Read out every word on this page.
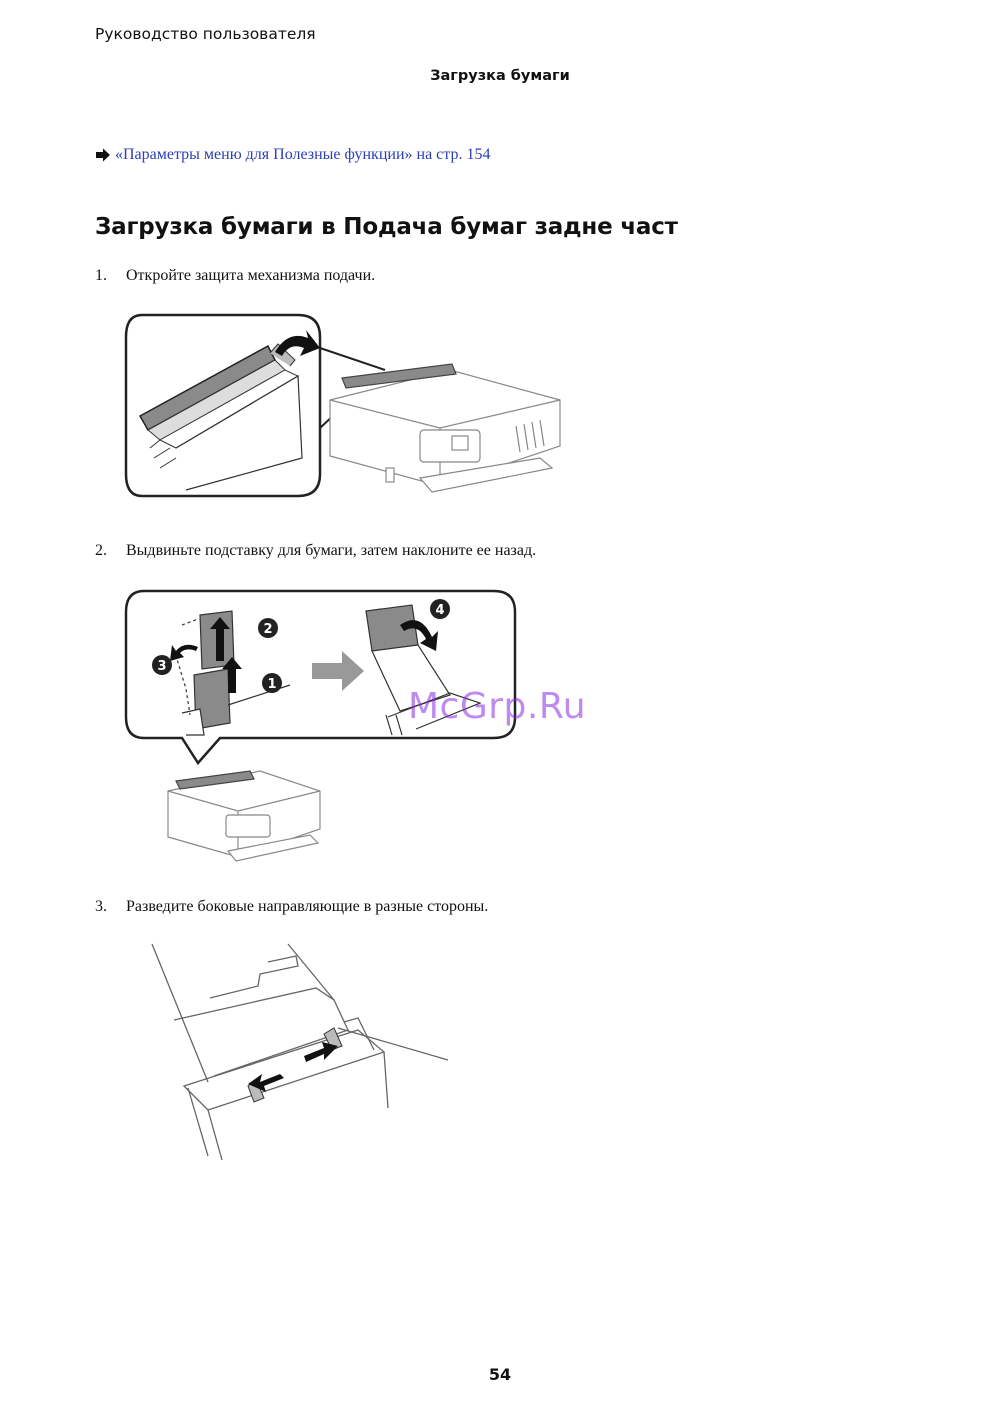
Руководство пользователя
Загрузка бумаги
«Параметры меню для Полезные функции» на стр. 154
Загрузка бумаги в Подача бумаг задне част
1.	Откройте защита механизма подачи.
2.	Выдвиньте подставку для бумаги, затем наклоните ее назад.
2
3
1
4
3.	Разведите боковые направляющие в разные стороны.
McGrp.Ru
54
